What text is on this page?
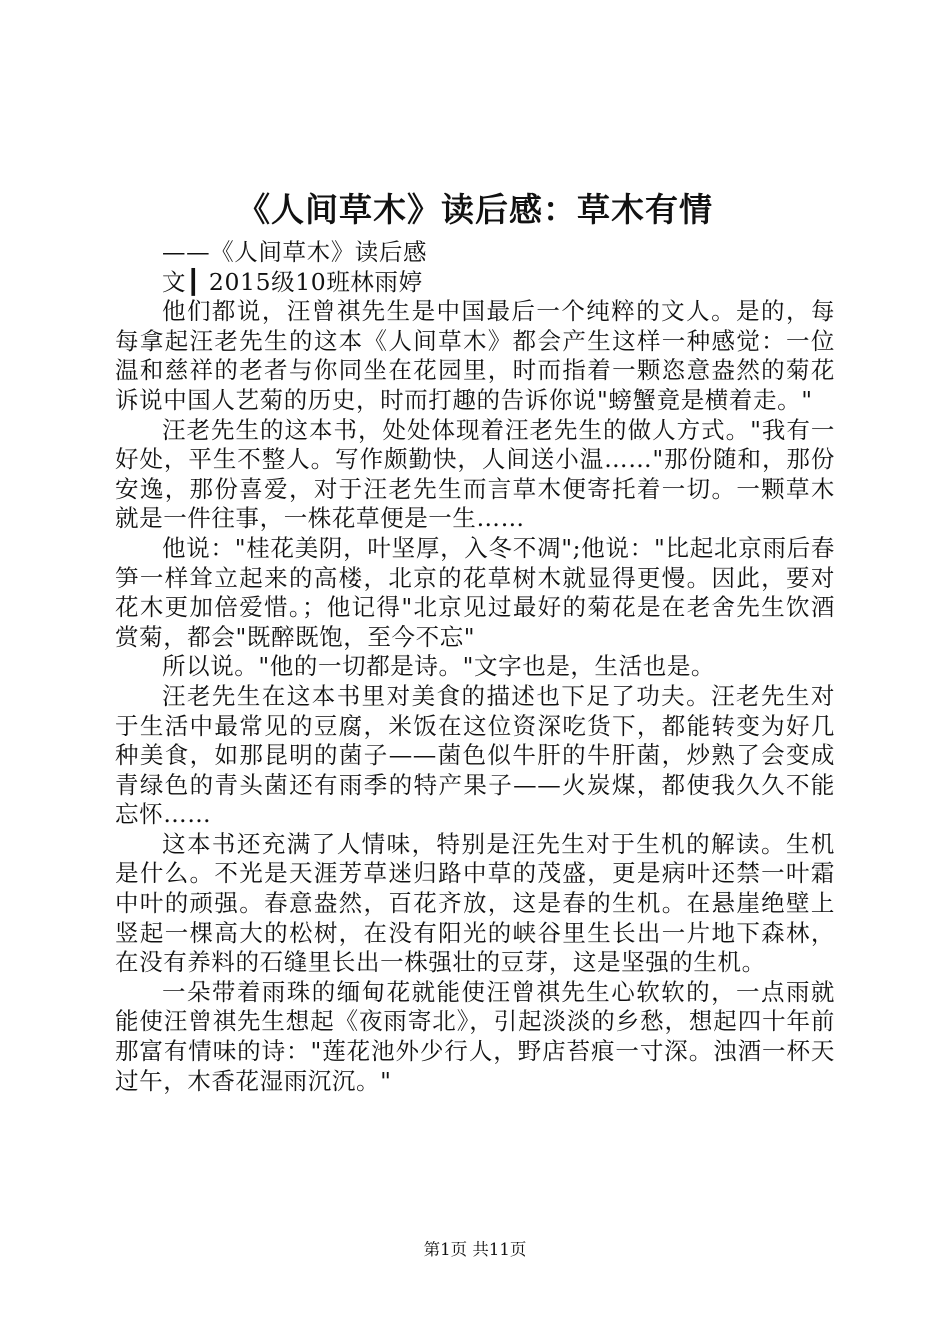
《人间草木》读后感：草木有情

——《人间草木》读后感

文┃ 2015级10班林雨婷

他们都说，汪曾祺先生是中国最后一个纯粹的文人。是的，每每拿起汪老先生的这本《人间草木》都会产生这样一种感觉：一位温和慈祥的老者与你同坐在花园里，时而指着一颗恣意盎然的菊花诉说中国人艺菊的历史，时而打趣的告诉你说"螃蟹竟是横着走。"

汪老先生的这本书，处处体现着汪老先生的做人方式。"我有一好处，平生不整人。写作颇勤快，人间送小温……"那份随和，那份安逸，那份喜爱，对于汪老先生而言草木便寄托着一切。一颗草木就是一件往事，一株花草便是一生……

他说："桂花美阴，叶坚厚，入冬不凋";他说："比起北京雨后春笋一样耸立起来的高楼，北京的花草树木就显得更慢。因此，要对花木更加倍爱惜。；他记得"北京见过最好的菊花是在老舍先生饮酒赏菊，都会"既醉既饱，至今不忘"

所以说。"他的一切都是诗。"文字也是，生活也是。

汪老先生在这本书里对美食的描述也下足了功夫。汪老先生对于生活中最常见的豆腐，米饭在这位资深吃货下，都能转变为好几种美食，如那昆明的菌子——菌色似牛肝的牛肝菌，炒熟了会变成青绿色的青头菌还有雨季的特产果子——火炭煤，都使我久久不能忘怀……

这本书还充满了人情味，特别是汪先生对于生机的解读。生机是什么。不光是天涯芳草迷归路中草的茂盛，更是病叶还禁一叶霜中叶的顽强。春意盎然，百花齐放，这是春的生机。在悬崖绝壁上竖起一棵高大的松树，在没有阳光的峡谷里生长出一片地下森林，在没有养料的石缝里长出一株强壮的豆芽，这是坚强的生机。

一朵带着雨珠的缅甸花就能使汪曾祺先生心软软的，一点雨就能使汪曾祺先生想起《夜雨寄北》，引起淡淡的乡愁，想起四十年前那富有情味的诗："莲花池外少行人，野店苔痕一寸深。浊酒一杯天过午，木香花湿雨沉沉。"

第1页 共11页
